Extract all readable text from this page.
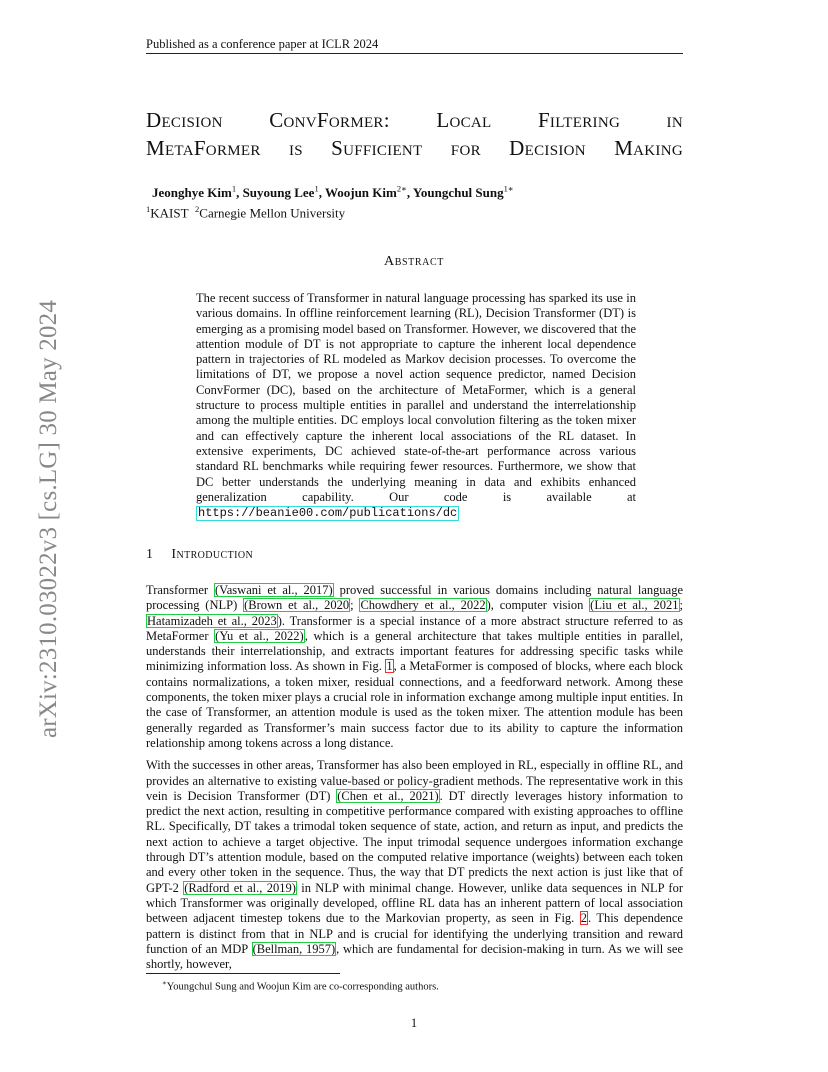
Published as a conference paper at ICLR 2024
arXiv:2310.03022v3 [cs.LG] 30 May 2024
Decision ConvFormer: Local Filtering in
MetaFormer is Sufficient for Decision Making
Jeonghye Kim$^1$, Suyoung Lee$^1$, Woojun Kim$^{2∗}$, Youngchul Sung$^{1∗}$
$^1$KAIST $^2$Carnegie Mellon University
Abstract

The recent success of Transformer in natural language processing has sparked its use in various domains. In offline reinforcement learning (RL), Decision Transformer (DT) is emerging as a promising model based on Transformer. However, we discovered that the attention module of DT is not appropriate to capture the inherent local dependence pattern in trajectories of RL modeled as Markov decision processes. To overcome the limitations of DT, we propose a novel action sequence predictor, named Decision ConvFormer (DC), based on the architecture of MetaFormer, which is a general structure to process multiple entities in parallel and understand the interrelationship among the multiple entities. DC employs local convolution filtering as the token mixer and can effectively capture the inherent local associations of the RL dataset. In extensive experiments, DC achieved state-of-the-art performance across various standard RL benchmarks while requiring fewer resources. Furthermore, we show that DC better understands the underlying meaning in data and exhibits enhanced generalization capability. Our code is available at https://beanie00.com/publications/dc

1 Introduction

Transformer (Vaswani et al., 2017) proved successful in various domains including natural language processing (NLP) (Brown et al., 2020; Chowdhery et al., 2022), computer vision (Liu et al., 2021; Hatamizadeh et al., 2023). Transformer is a special instance of a more abstract structure referred to as MetaFormer (Yu et al., 2022), which is a general architecture that takes multiple entities in parallel, understands their interrelationship, and extracts important features for addressing specific tasks while minimizing information loss. As shown in Fig. 1, a MetaFormer is composed of blocks, where each block contains normalizations, a token mixer, residual connections, and a feedforward network. Among these components, the token mixer plays a crucial role in information exchange among multiple input entities. In the case of Transformer, an attention module is used as the token mixer. The attention module has been generally regarded as Transformer’s main success factor due to its ability to capture the information relationship among tokens across a long distance.

With the successes in other areas, Transformer has also been employed in RL, especially in offline RL, and provides an alternative to existing value-based or policy-gradient methods. The representative work in this vein is Decision Transformer (DT) (Chen et al., 2021). DT directly leverages history information to predict the next action, resulting in competitive performance compared with existing approaches to offline RL. Specifically, DT takes a trimodal token sequence of state, action, and return as input, and predicts the next action to achieve a target objective. The input trimodal sequence undergoes information exchange through DT’s attention module, based on the computed relative importance (weights) between each token and every other token in the sequence. Thus, the way that DT predicts the next action is just like that of GPT-2 (Radford et al., 2019) in NLP with minimal change. However, unlike data sequences in NLP for which Transformer was originally developed, offline RL data has an inherent pattern of local association between adjacent timestep tokens due to the Markovian property, as seen in Fig. 2. This dependence pattern is distinct from that in NLP and is crucial for identifying the underlying transition and reward function of an MDP (Bellman, 1957), which are fundamental for decision-making in turn. As we will see shortly, however,

∗Youngchul Sung and Woojun Kim are co-corresponding authors.
1
